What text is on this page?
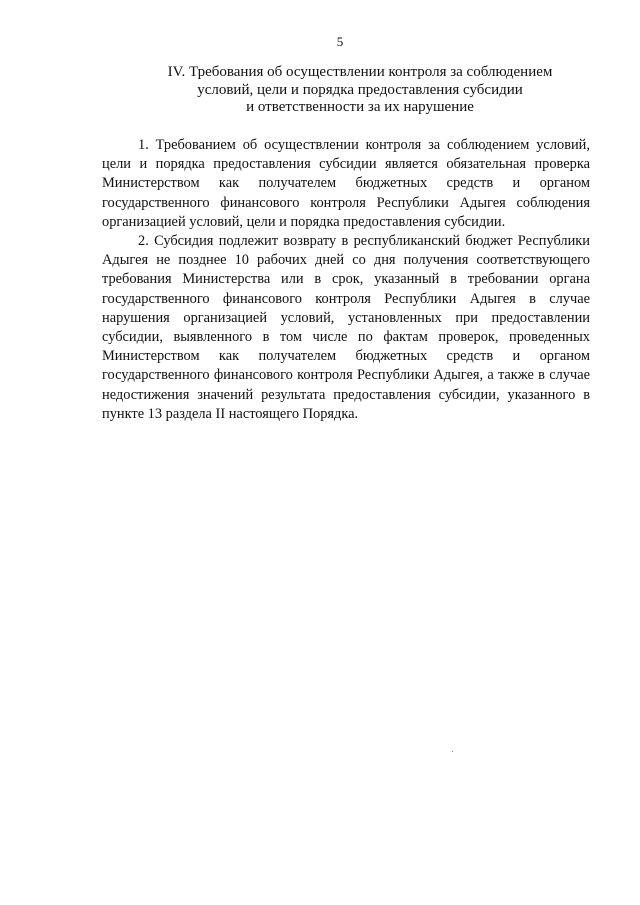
5
IV. Требования об осуществлении контроля за соблюдением
условий, цели и порядка предоставления субсидии
и ответственности за их нарушение

1. Требованием об осуществлении контроля за соблюдением условий, цели и порядка предоставления субсидии является обязательная проверка Министерством как получателем бюджетных средств и органом государственного финансового контроля Республики Адыгея соблюдения организацией условий, цели и порядка предоставления субсидии.

2. Субсидия подлежит возврату в республиканский бюджет Республики Адыгея не позднее 10 рабочих дней со дня получения соответствующего требования Министерства или в срок, указанный в требовании органа государственного финансового контроля Республики Адыгея в случае нарушения организацией условий, установленных при предоставлении субсидии, выявленного в том числе по фактам проверок, проведенных Министерством как получателем бюджетных средств и органом государственного финансового контроля Республики Адыгея, а также в случае недостижения значений результата предоставления субсидии, указанного в пункте 13 раздела II настоящего Порядка.
